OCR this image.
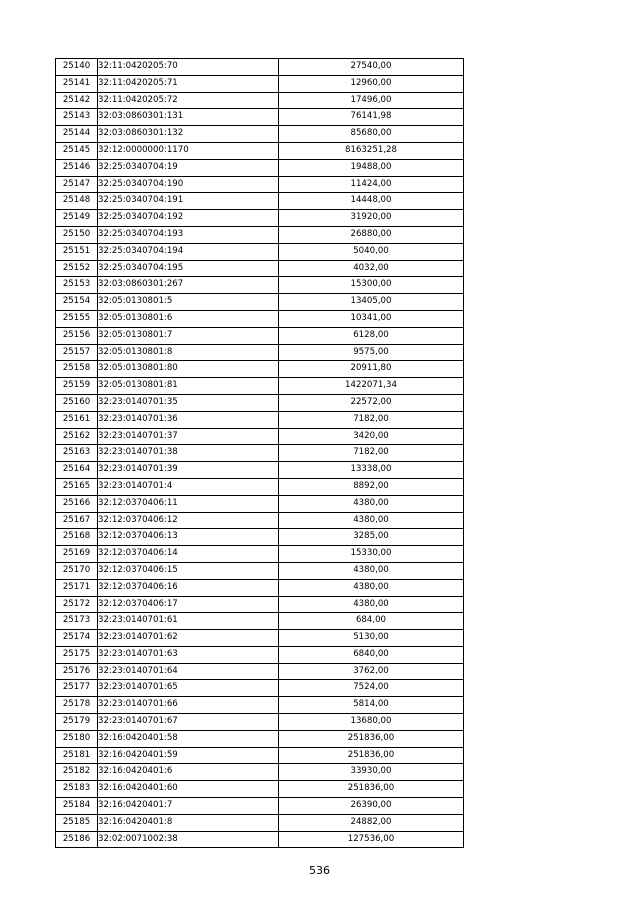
25140	32:11:0420205:70	27540,00
25141	32:11:0420205:71	12960,00
25142	32:11:0420205:72	17496,00
25143	32:03:0860301:131	76141,98
25144	32:03:0860301:132	85680,00
25145	32:12:0000000:1170	8163251,28
25146	32:25:0340704:19	19488,00
25147	32:25:0340704:190	11424,00
25148	32:25:0340704:191	14448,00
25149	32:25:0340704:192	31920,00
25150	32:25:0340704:193	26880,00
25151	32:25:0340704:194	5040,00
25152	32:25:0340704:195	4032,00
25153	32:03:0860301:267	15300,00
25154	32:05:0130801:5	13405,00
25155	32:05:0130801:6	10341,00
25156	32:05:0130801:7	6128,00
25157	32:05:0130801:8	9575,00
25158	32:05:0130801:80	20911,80
25159	32:05:0130801:81	1422071,34
25160	32:23:0140701:35	22572,00
25161	32:23:0140701:36	7182,00
25162	32:23:0140701:37	3420,00
25163	32:23:0140701:38	7182,00
25164	32:23:0140701:39	13338,00
25165	32:23:0140701:4	8892,00
25166	32:12:0370406:11	4380,00
25167	32:12:0370406:12	4380,00
25168	32:12:0370406:13	3285,00
25169	32:12:0370406:14	15330,00
25170	32:12:0370406:15	4380,00
25171	32:12:0370406:16	4380,00
25172	32:12:0370406:17	4380,00
25173	32:23:0140701:61	684,00
25174	32:23:0140701:62	5130,00
25175	32:23:0140701:63	6840,00
25176	32:23:0140701:64	3762,00
25177	32:23:0140701:65	7524,00
25178	32:23:0140701:66	5814,00
25179	32:23:0140701:67	13680,00
25180	32:16:0420401:58	251836,00
25181	32:16:0420401:59	251836,00
25182	32:16:0420401:6	33930,00
25183	32:16:0420401:60	251836,00
25184	32:16:0420401:7	26390,00
25185	32:16:0420401:8	24882,00
25186	32:02:0071002:38	127536,00
536
